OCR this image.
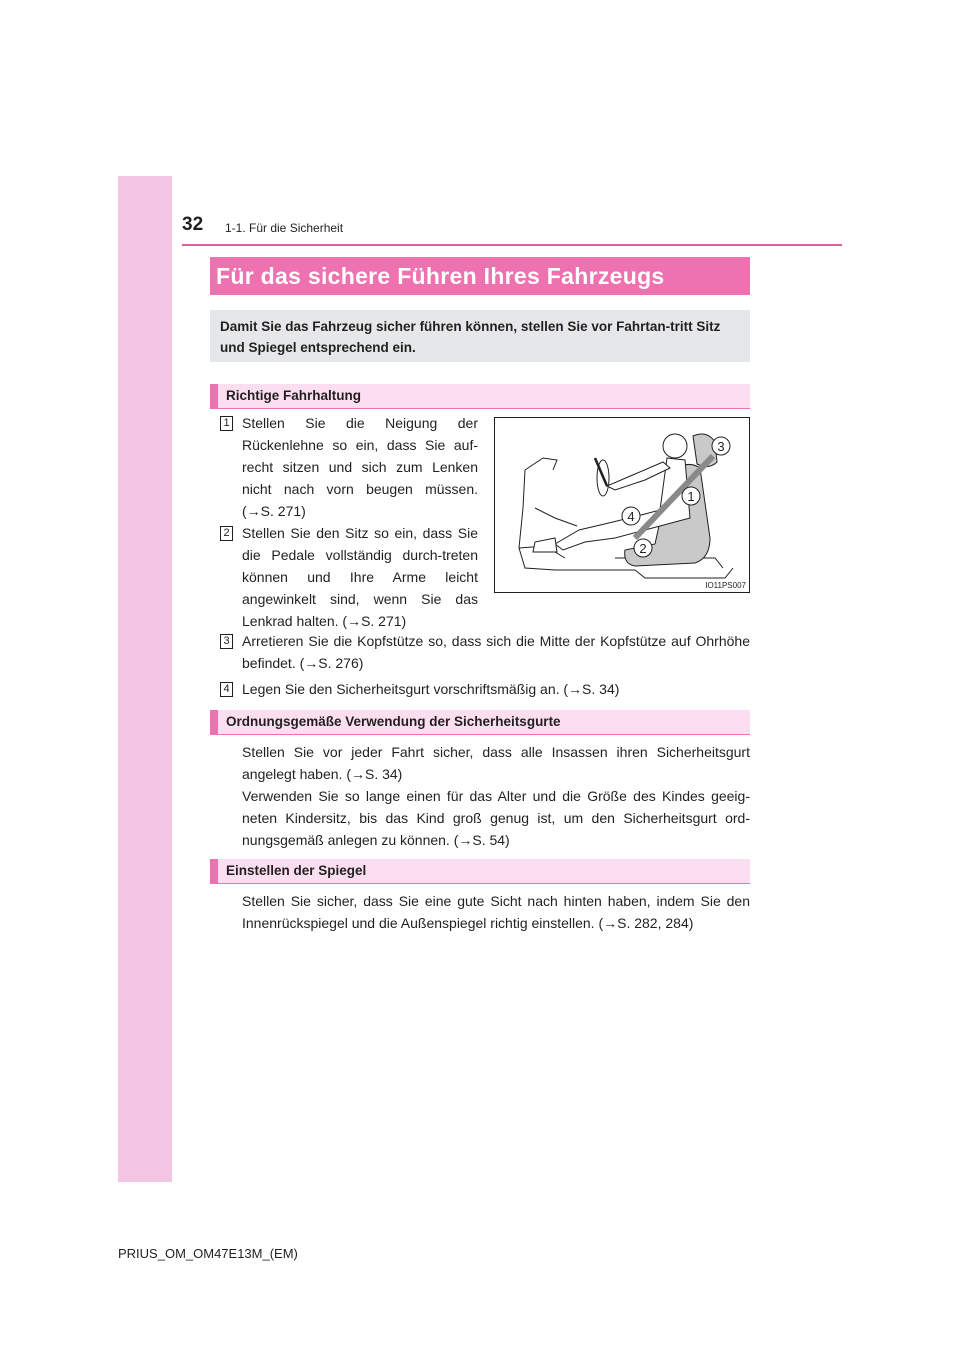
32 1-1. Für die Sicherheit
Für das sichere Führen Ihres Fahrzeugs
Damit Sie das Fahrzeug sicher führen können, stellen Sie vor Fahrtan-tritt Sitz und Spiegel entsprechend ein.
Richtige Fahrhaltung
1 Stellen Sie die Neigung der Rückenlehne so ein, dass Sie auf-recht sitzen und sich zum Lenken nicht nach vorn beugen müssen. (→S. 271)
2 Stellen Sie den Sitz so ein, dass Sie die Pedale vollständig durch-treten können und Ihre Arme leicht angewinkelt sind, wenn Sie das Lenkrad halten. (→S. 271)
3
1
4
2
IO11PS007
3 Arretieren Sie die Kopfstütze so, dass sich die Mitte der Kopfstütze auf Ohrhöhe befindet. (→S. 276)
4 Legen Sie den Sicherheitsgurt vorschriftsmäßig an. (→S. 34)
Ordnungsgemäße Verwendung der Sicherheitsgurte
Stellen Sie vor jeder Fahrt sicher, dass alle Insassen ihren Sicherheitsgurt angelegt haben. (→S. 34)
Verwenden Sie so lange einen für das Alter und die Größe des Kindes geeig-neten Kindersitz, bis das Kind groß genug ist, um den Sicherheitsgurt ord-nungsgemäß anlegen zu können. (→S. 54)
Einstellen der Spiegel
Stellen Sie sicher, dass Sie eine gute Sicht nach hinten haben, indem Sie den Innenrückspiegel und die Außenspiegel richtig einstellen. (→S. 282, 284)
PRIUS_OM_OM47E13M_(EM)
